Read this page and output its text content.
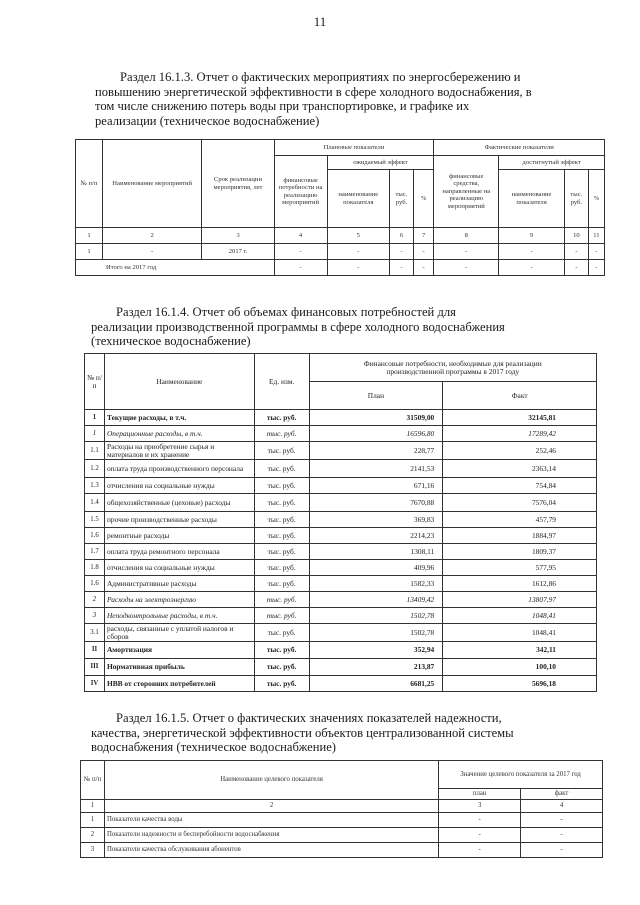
11
Раздел 16.1.3. Отчет о фактических мероприятиях по энергосбережению и
повышению энергетической эффективности в сфере холодного водоснабжения, в
том числе снижению потерь воды при транспортировке, и графике их
реализации (техническое водоснабжение)
№ п/п	Наименование мероприятий	Срок реализации мероприятия, лет	Плановые показатели				Фактические показатели			
			финансовые потребности на реализацию мероприятий	ожидаемый эффект			финансовые средства, направленные на реализацию мероприятий	достигнутый эффект		
				наименование показателя	тыс. руб.	%		наименование показателя	тыс. руб.	%
1	2	3	4	5	6	7	8	9	10	11
1	-	2017 г.	-	-	-	-	-	-	-	-
Итого на 2017 год			-	-	-	-	-	-	-	-
Раздел 16.1.4. Отчет об объемах финансовых потребностей для
реализации производственной программы в сфере холодного водоснабжения
(техническое водоснабжение)
№ п/п	Наименование	Ед. изм.	Финансовые потребности, необходимые для реализации производственной программы в 2017 году	
			План	Факт
1	Текущие расходы, в т.ч.	тыс. руб.	31509,00	32145,81
1	Операционные расходы, в т.ч.	тыс. руб.	16596,80	17289,42
1.1	Расходы на приобретение сырья и материалов и их хранение	тыс. руб.	228,77	252,46
1.2	оплата труда производственного персонала	тыс. руб.	2141,53	2363,14
1.3	отчисления на социальные нужды	тыс. руб.	671,16	754,84
1.4	общехозяйственные (цеховые) расходы	тыс. руб.	7670,88	7576,04
1.5	прочие производственные расходы	тыс. руб.	369,83	457,79
1.6	ремонтные расходы	тыс. руб.	2214,23	1884,97
1.7	оплата труда ремонтного персонала	тыс. руб.	1308,11	1809,37
1.8	отчисления на социальные нужды	тыс. руб.	409,96	577,95
1.6	Административные расходы	тыс. руб.	1582,33	1612,86
2	Расходы на электроэнергию	тыс. руб.	13409,42	13807,97
3	Неподконтрольные расходы, в т.ч.	тыс. руб.	1502,78	1048,41
3.1	расходы, связанные с уплатой налогов и сборов	тыс. руб.	1502,78	1048,41
II	Амортизация	тыс. руб.	352,94	342,11
III	Нормативная прибыль	тыс. руб.	213,87	100,10
IV	НВВ от сторонних потребителей	тыс. руб.	6681,25	5696,18
Раздел 16.1.5. Отчет о фактических значениях показателей надежности,
качества, энергетической эффективности объектов централизованной системы
водоснабжения (техническое водоснабжение)
№ п/п	Наименование целевого показателя	Значение целевого показателя за 2017 год	
		план	факт
1	2	3	4
1	Показатели качества воды	-	-
2	Показатели надежности и бесперебойности водоснабжения	-	-
3	Показатели качества обслуживания абонентов	-	-
